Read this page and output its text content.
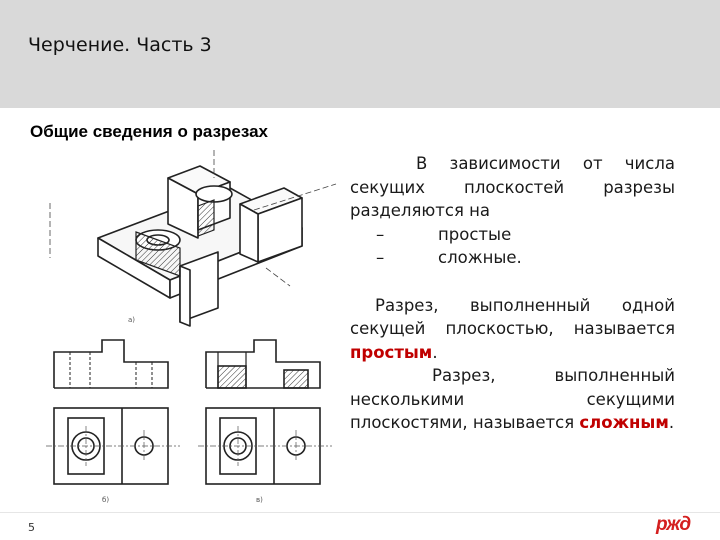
Черчение. Часть 3
Общие сведения о разрезах
а)
б)	в)

В зависимости от числа секущих плоскостей разрезы разделяются на

–	простые
–	сложные.

Разрез, выполненный одной секущей плоскостью, называется простым.

Разрез, выполненный несколькими секущими плоскостями, называется сложным.

5	ржд
